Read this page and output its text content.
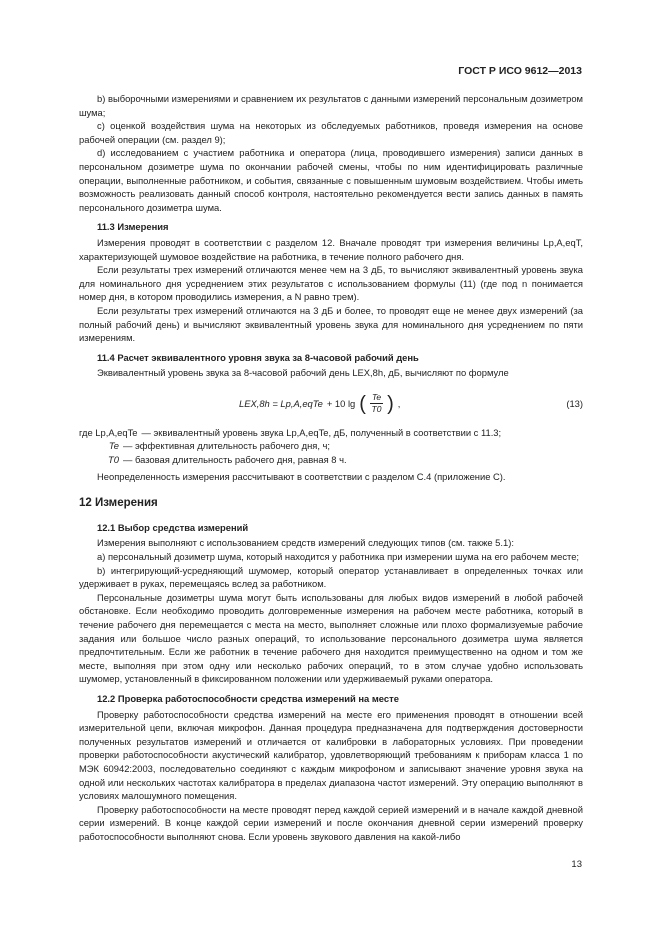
ГОСТ Р ИСО 9612—2013

b) выборочными измерениями и сравнением их результатов с данными измерений персональным дозиметром шума;

c) оценкой воздействия шума на некоторых из обследуемых работников, проведя измерения на основе рабочей операции (см. раздел 9);

d) исследованием с участием работника и оператора (лица, проводившего измерения) записи данных в персональном дозиметре шума по окончании рабочей смены, чтобы по ним идентифицировать различные операции, выполненные работником, и события, связанные с повышенным шумовым воздействием. Чтобы иметь возможность реализовать данный способ контроля, настоятельно рекомендуется вести запись данных в память персонального дозиметра шума.

11.3 Измерения

Измерения проводят в соответствии с разделом 12. Вначале проводят три измерения величины Lp,A,eqT, характеризующей шумовое воздействие на работника, в течение полного рабочего дня.

Если результаты трех измерений отличаются менее чем на 3 дБ, то вычисляют эквивалентный уровень звука для номинального дня усреднением этих результатов с использованием формулы (11) (где под n понимается номер дня, в котором проводились измерения, а N равно трем).

Если результаты трех измерений отличаются на 3 дБ и более, то проводят еще не менее двух измерений (за полный рабочий день) и вычисляют эквивалентный уровень звука для номинального дня усреднением по пяти измерениям.

11.4 Расчет эквивалентного уровня звука за 8-часовой рабочий день

Эквивалентный уровень звука за 8-часовой рабочий день LEX,8h, дБ, вычисляют по формуле

LEX,8h = Lp,A,eqTe + 10 lg ( $\frac{Te}{T0}$ ) ,	(13)
где Lp,A,eqTe — эквивалентный уровень звука Lp,A,eqTe, дБ, полученный в соответствии с 11.3;
Te — эффективная длительность рабочего дня, ч;
T0 — базовая длительность рабочего дня, равная 8 ч.

Неопределенность измерения рассчитывают в соответствии с разделом С.4 (приложение С).

12 Измерения
12.1 Выбор средства измерений

Измерения выполняют с использованием средств измерений следующих типов (см. также 5.1):

a) персональный дозиметр шума, который находится у работника при измерении шума на его рабочем месте;

b) интегрирующий-усредняющий шумомер, который оператор устанавливает в определенных точках или удерживает в руках, перемещаясь вслед за работником.

Персональные дозиметры шума могут быть использованы для любых видов измерений в любой рабочей обстановке. Если необходимо проводить долговременные измерения на рабочем месте работника, который в течение рабочего дня перемещается с места на место, выполняет сложные или плохо формализуемые рабочие задания или большое число разных операций, то использование персонального дозиметра шума является предпочтительным. Если же работник в течение рабочего дня находится преимущественно на одном и том же месте, выполняя при этом одну или несколько рабочих операций, то в этом случае удобно использовать шумомер, установленный в фиксированном положении или удерживаемый руками оператора.

12.2 Проверка работоспособности средства измерений на месте

Проверку работоспособности средства измерений на месте его применения проводят в отношении всей измерительной цепи, включая микрофон. Данная процедура предназначена для подтверждения достоверности полученных результатов измерений и отличается от калибровки в лабораторных условиях. При проведении проверки работоспособности акустический калибратор, удовлетворяющий требованиям к приборам класса 1 по МЭК 60942:2003, последовательно соединяют с каждым микрофоном и записывают значение уровня звука на одной или нескольких частотах калибратора в пределах диапазона частот измерений. Эту операцию выполняют в условиях малошумного помещения.

Проверку работоспособности на месте проводят перед каждой серией измерений и в начале каждой дневной серии измерений. В конце каждой серии измерений и после окончания дневной серии измерений проверку работоспособности выполняют снова. Если уровень звукового давления на какой-либо

13
